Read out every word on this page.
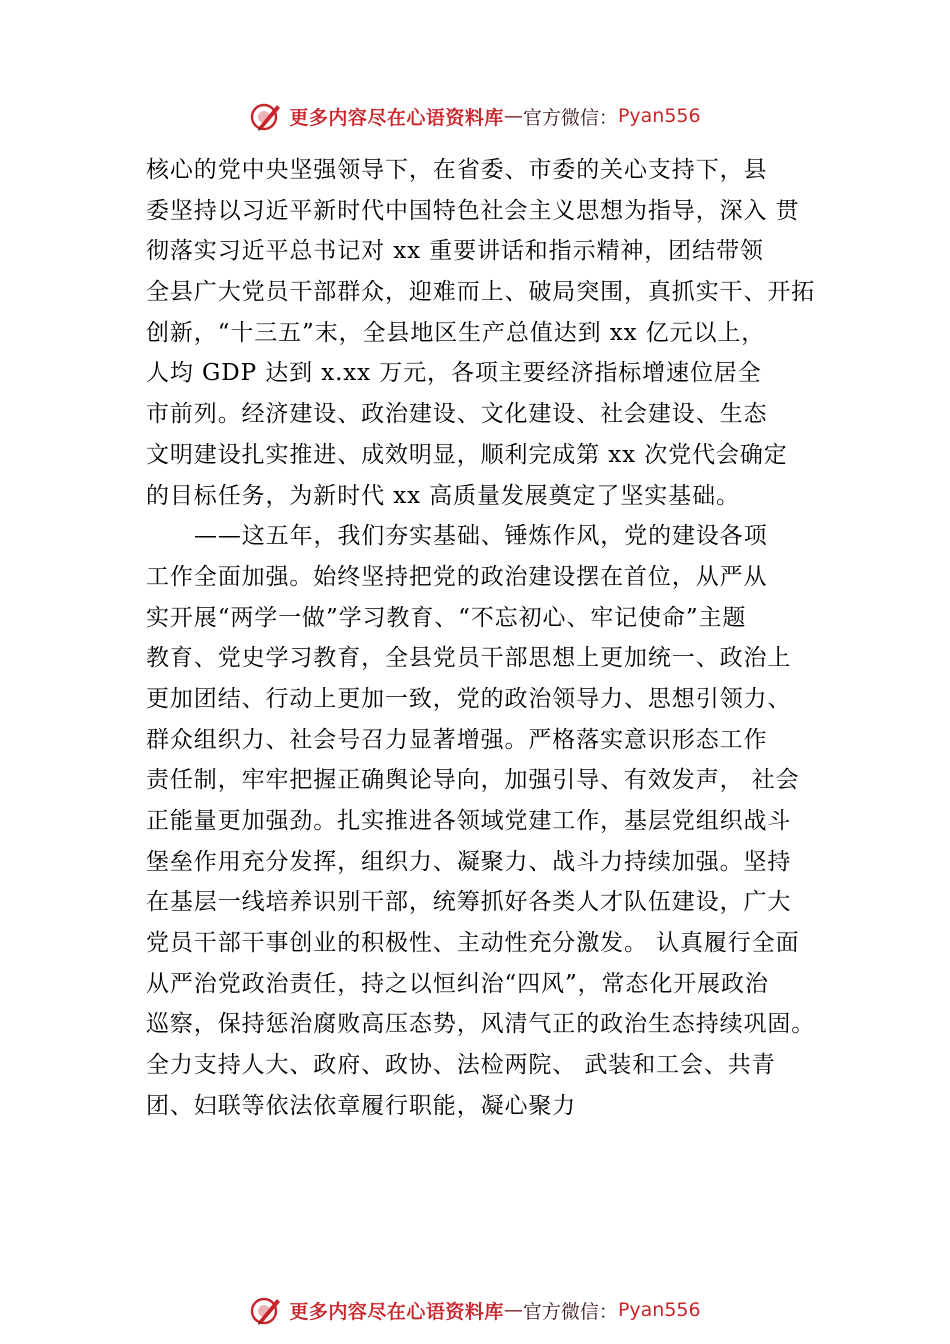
更多内容尽在心语资料库 — 官方微信： Pyan556
核心的党中央坚强领导下，在省委、市委的关心支持下，县
委坚持以习近平新时代中国特色社会主义思想为指导，深入 贯
彻落实习近平总书记对 xx 重要讲话和指示精神，团结带领
全县广大党员干部群众，迎难而上、破局突围，真抓实干、开拓
创新，“十三五”末，全县地区生产总值达到 xx 亿元以上，
人均 GDP 达到 x.xx 万元，各项主要经济指标增速位居全
市前列。经济建设、政治建设、文化建设、社会建设、生态
文明建设扎实推进、成效明显，顺利完成第 xx 次党代会确定
的目标任务，为新时代 xx 高质量发展奠定了坚实基础。
——这五年，我们夯实基础、锤炼作风，党的建设各项
工作全面加强。始终坚持把党的政治建设摆在首位，从严从
实开展“两学一做”学习教育、“不忘初心、牢记使命”主题
教育、党史学习教育，全县党员干部思想上更加统一、政治上
更加团结、行动上更加一致，党的政治领导力、思想引领力、
群众组织力、社会号召力显著增强。严格落实意识形态工作
责任制，牢牢把握正确舆论导向，加强引导、有效发声， 社会
正能量更加强劲。扎实推进各领域党建工作，基层党组织战斗
堡垒作用充分发挥，组织力、凝聚力、战斗力持续加强。坚持
在基层一线培养识别干部，统筹抓好各类人才队伍建设，广大
党员干部干事创业的积极性、主动性充分激发。 认真履行全面
从严治党政治责任，持之以恒纠治“四风”，常态化开展政治
巡察，保持惩治腐败高压态势，风清气正的政治生态持续巩固。
全力支持人大、政府、政协、法检两院、 武装和工会、共青
团、妇联等依法依章履行职能，凝心聚力
更多内容尽在心语资料库 — 官方微信： Pyan556
